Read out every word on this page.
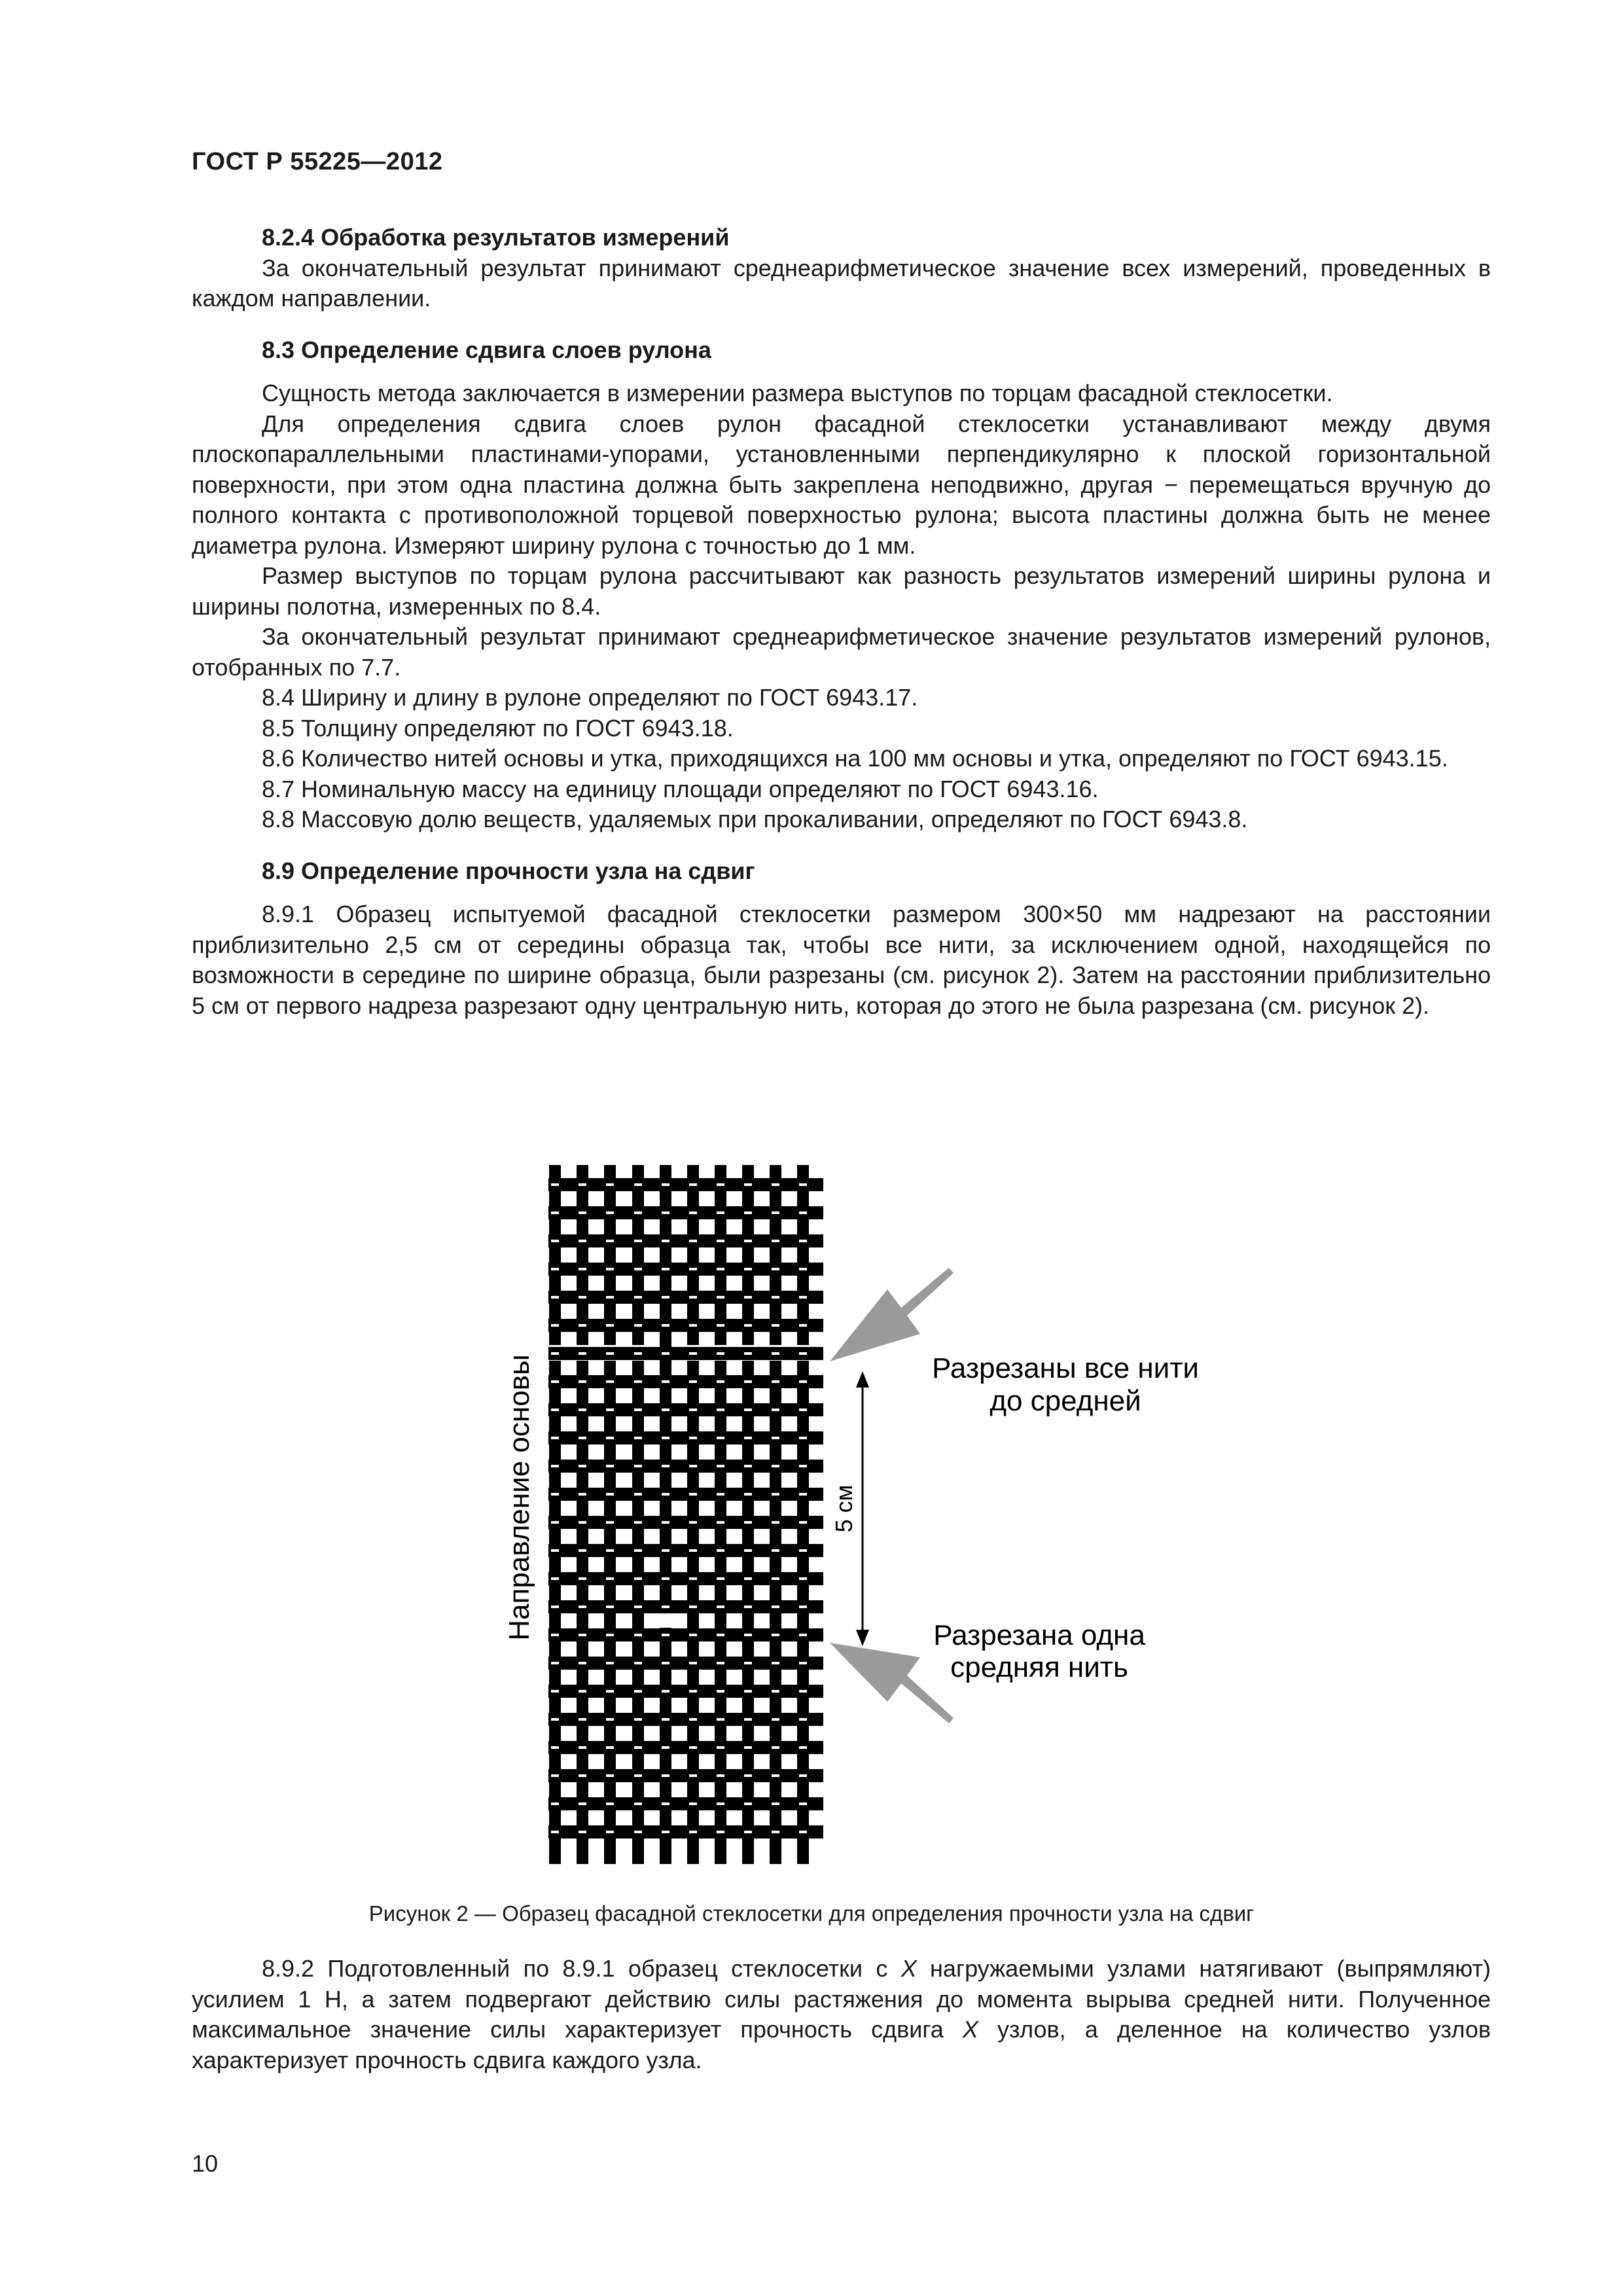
ГОСТ Р 55225—2012
8.2.4 Обработка результатов измерений

За окончательный результат принимают среднеарифметическое значение всех измерений, проведенных в каждом направлении.

8.3 Определение сдвига слоев рулона

Сущность метода заключается в измерении размера выступов по торцам фасадной стеклосетки.

Для определения сдвига слоев рулон фасадной стеклосетки устанавливают между двумя плоскопараллельными пластинами-упорами, установленными перпендикулярно к плоской горизонтальной поверхности, при этом одна пластина должна быть закреплена неподвижно, другая − перемещаться вручную до полного контакта с противоположной торцевой поверхностью рулона; высота пластины должна быть не менее диаметра рулона. Измеряют ширину рулона с точностью до 1 мм.

Размер выступов по торцам рулона рассчитывают как разность результатов измерений ширины рулона и ширины полотна, измеренных по 8.4.

За окончательный результат принимают среднеарифметическое значение результатов измерений рулонов, отобранных по 7.7.

8.4 Ширину и длину в рулоне определяют по ГОСТ 6943.17.

8.5 Толщину определяют по ГОСТ 6943.18.

8.6 Количество нитей основы и утка, приходящихся на 100 мм основы и утка, определяют по ГОСТ 6943.15.

8.7 Номинальную массу на единицу площади определяют по ГОСТ 6943.16.

8.8 Массовую долю веществ, удаляемых при прокаливании, определяют по ГОСТ 6943.8.

8.9 Определение прочности узла на сдвиг

8.9.1 Образец испытуемой фасадной стеклосетки размером 300×50 мм надрезают на расстоянии приблизительно 2,5 см от середины образца так, чтобы все нити, за исключением одной, находящейся по возможности в середине по ширине образца, были разрезаны (см. рисунок 2). Затем на расстоянии приблизительно 5 см от первого надреза разрезают одну центральную нить, которая до этого не была разрезана (см. рисунок 2).

Направление основы	5 см
Разрезаны все нити
до средней
Разрезана одна
средняя нить
Рисунок 2 — Образец фасадной стеклосетки для определения прочности узла на сдвиг

8.9.2 Подготовленный по 8.9.1 образец стеклосетки с X нагружаемыми узлами натягивают (выпрямляют) усилием 1 Н, а затем подвергают действию силы растяжения до момента вырыва средней нити. Полученное максимальное значение силы характеризует прочность сдвига X узлов, а деленное на количество узлов характеризует прочность сдвига каждого узла.

10
